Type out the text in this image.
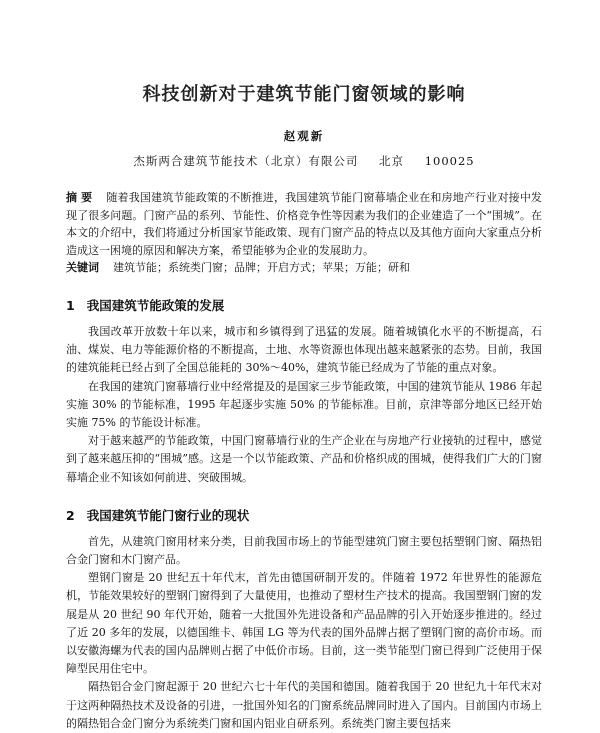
科技创新对于建筑节能门窗领域的影响
赵观新
杰斯两合建筑节能技术（北京）有限公司 北京 100025
摘要 随着我国建筑节能政策的不断推进，我国建筑节能门窗幕墙企业在和房地产行业对接中发现了很多问题。门窗产品的系列、节能性、价格竞争性等因素为我们的企业建造了一个“围城”。在本文的介绍中，我们将通过分析国家节能政策、现有门窗产品的特点以及其他方面向大家重点分析造成这一困境的原因和解决方案，希望能够为企业的发展助力。
关键词 建筑节能；系统类门窗；品牌；开启方式；苹果；万能；研和
1 我国建筑节能政策的发展

我国改革开放数十年以来，城市和乡镇得到了迅猛的发展。随着城镇化水平的不断提高，石油、煤炭、电力等能源价格的不断提高，土地、水等资源也体现出越来越紧张的态势。目前，我国的建筑能耗已经占到了全国总能耗的 30%～40%，建筑节能已经成为了节能的重点对象。

在我国的建筑门窗幕墙行业中经常提及的是国家三步节能政策，中国的建筑节能从 1986 年起实施 30% 的节能标准，1995 年起逐步实施 50% 的节能标准。目前，京津等部分地区已经开始实施 75% 的节能设计标准。

对于越来越严的节能政策，中国门窗幕墙行业的生产企业在与房地产行业接轨的过程中，感觉到了越来越压抑的“围城”感。这是一个以节能政策、产品和价格织成的围城，使得我们广大的门窗幕墙企业不知该如何前进、突破围城。

2 我国建筑节能门窗行业的现状

首先，从建筑门窗用材来分类，目前我国市场上的节能型建筑门窗主要包括塑钢门窗、隔热铝合金门窗和木门窗产品。

塑钢门窗是 20 世纪五十年代末，首先由德国研制开发的。伴随着 1972 年世界性的能源危机，节能效果较好的塑钢门窗得到了大量使用，也推动了塑材生产技术的提高。我国塑钢门窗的发展是从 20 世纪 90 年代开始，随着一大批国外先进设备和产品品牌的引入开始逐步推进的。经过了近 20 多年的发展，以德国维卡、韩国 LG 等为代表的国外品牌占据了塑钢门窗的高价市场。而以安徽海螺为代表的国内品牌则占据了中低价市场。目前，这一类节能型门窗已得到广泛使用于保障型民用住宅中。

隔热铝合金门窗起源于 20 世纪六七十年代的美国和德国。随着我国于 20 世纪九十年代末对于这两种隔热技术及设备的引进，一批国外知名的门窗系统品牌同时进入了国内。目前国内市场上的隔热铝合金门窗分为系统类门窗和国内铝业自研系列。系统类门窗主要包括来
